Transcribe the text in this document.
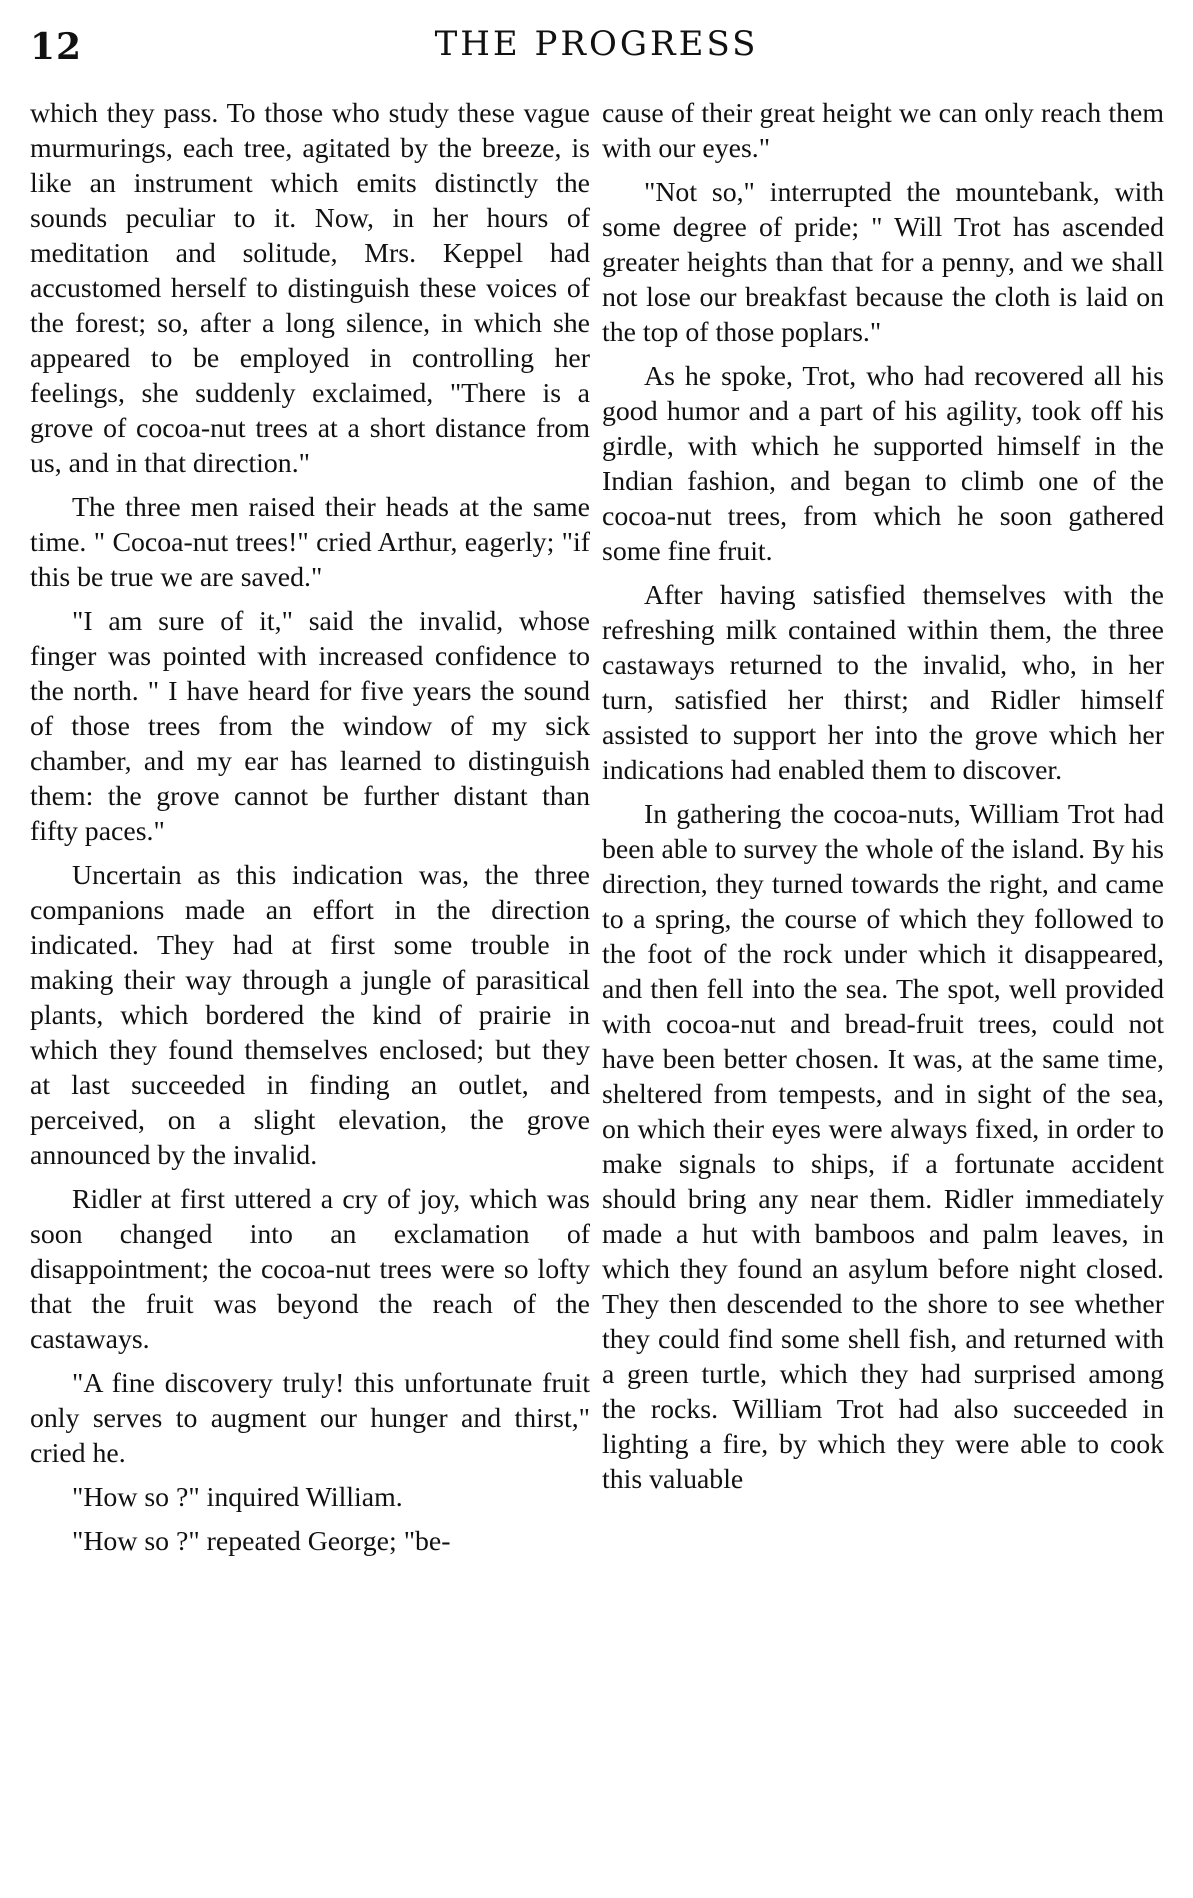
12	THE PROGRESS

which they pass. To those who study these vague murmurings, each tree, agitated by the breeze, is like an instrument which emits distinctly the sounds peculiar to it. Now, in her hours of meditation and solitude, Mrs. Keppel had accustomed herself to distinguish these voices of the forest; so, after a long silence, in which she appeared to be employed in controlling her feelings, she suddenly exclaimed, "There is a grove of cocoa-nut trees at a short distance from us, and in that direction."

The three men raised their heads at the same time. " Cocoa-nut trees!" cried Arthur, eagerly; "if this be true we are saved."

"I am sure of it," said the invalid, whose finger was pointed with increased confidence to the north. " I have heard for five years the sound of those trees from the window of my sick chamber, and my ear has learned to distinguish them: the grove cannot be further distant than fifty paces."

Uncertain as this indication was, the three companions made an effort in the direction indicated. They had at first some trouble in making their way through a jungle of parasitical plants, which bordered the kind of prairie in which they found themselves enclosed; but they at last succeeded in finding an outlet, and perceived, on a slight elevation, the grove announced by the invalid.

Ridler at first uttered a cry of joy, which was soon changed into an exclamation of disappointment; the cocoa-nut trees were so lofty that the fruit was beyond the reach of the castaways.

"A fine discovery truly! this unfortunate fruit only serves to augment our hunger and thirst," cried he.

"How so ?" inquired William.

"How so ?" repeated George; "be-

cause of their great height we can only reach them with our eyes."

"Not so," interrupted the mountebank, with some degree of pride; " Will Trot has ascended greater heights than that for a penny, and we shall not lose our breakfast because the cloth is laid on the top of those poplars."

As he spoke, Trot, who had recovered all his good humor and a part of his agility, took off his girdle, with which he supported himself in the Indian fashion, and began to climb one of the cocoa-nut trees, from which he soon gathered some fine fruit.

After having satisfied themselves with the refreshing milk contained within them, the three castaways returned to the invalid, who, in her turn, satisfied her thirst; and Ridler himself assisted to support her into the grove which her indications had enabled them to discover.

In gathering the cocoa-nuts, William Trot had been able to survey the whole of the island. By his direction, they turned towards the right, and came to a spring, the course of which they followed to the foot of the rock under which it disappeared, and then fell into the sea. The spot, well provided with cocoa-nut and bread-fruit trees, could not have been better chosen. It was, at the same time, sheltered from tempests, and in sight of the sea, on which their eyes were always fixed, in order to make signals to ships, if a fortunate accident should bring any near them. Ridler immediately made a hut with bamboos and palm leaves, in which they found an asylum before night closed. They then descended to the shore to see whether they could find some shell fish, and returned with a green turtle, which they had surprised among the rocks. William Trot had also succeeded in lighting a fire, by which they were able to cook this valuable
